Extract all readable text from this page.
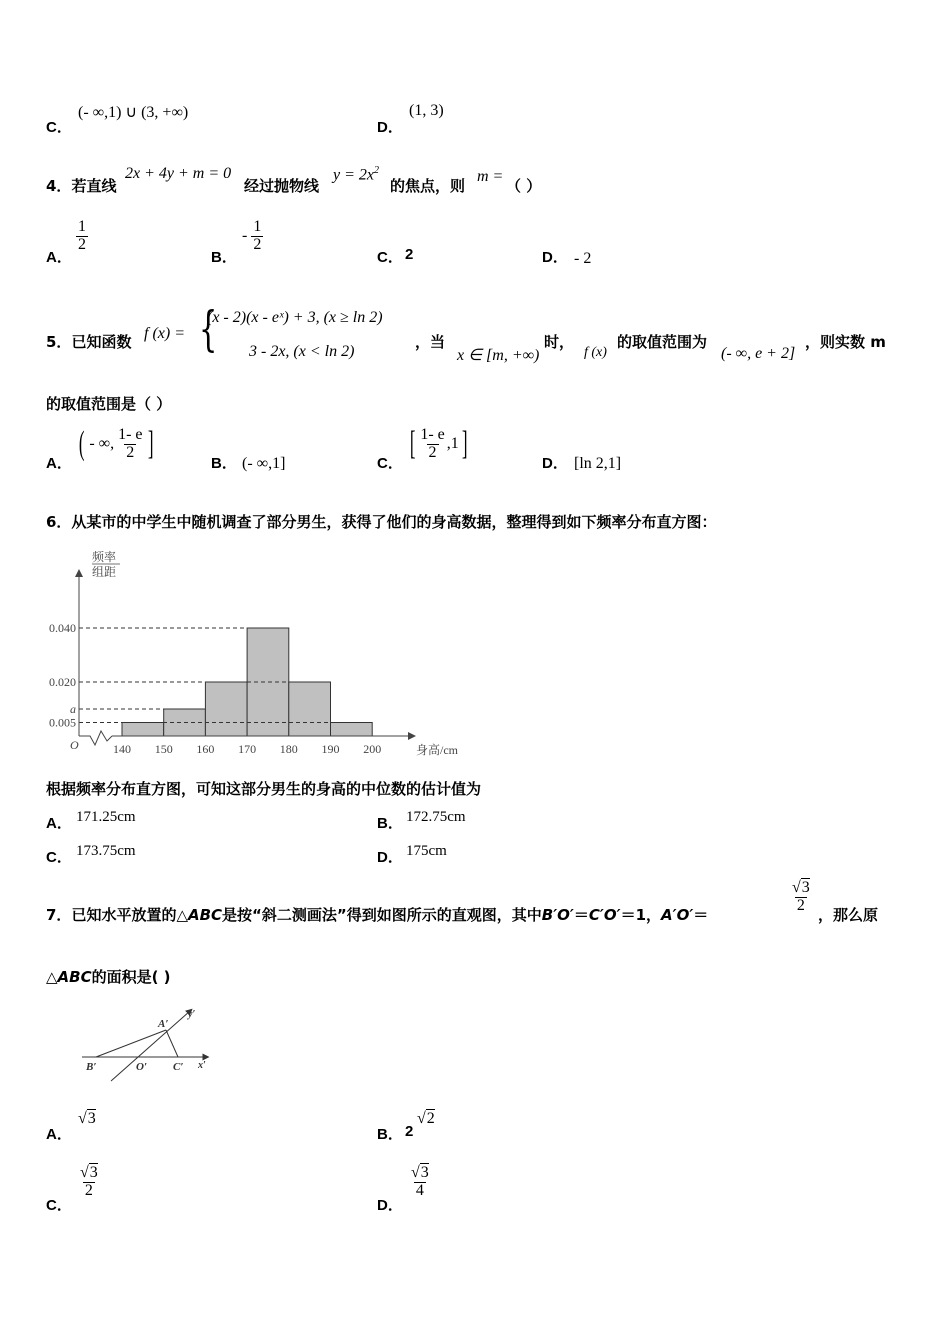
C．
(- ∞,1) ∪ (3, +∞)
D．
(1, 3)
4．若直线
2x + 4y + m = 0
经过抛物线
$y = 2x^2$
的焦点，则
m =
（ ）
A．
$\frac{1}{2}$
B．
- $\frac{1}{2}$
C． 2	D． - 2
5．已知函数 f (x) = {
(x - 2)(x - eˣ) + 3, (x ≥ ln 2)
3 - 2x, (x < ln 2)
，当
x ∈ [m, +∞)
时，
f (x)
的取值范围为
(- ∞, e + 2]
，则实数 m
的取值范围是（ ）
A．
( - ∞, $\frac{1- e}{2}$ ]
B． (- ∞,1]	C．
[ $\frac{1- e}{2} ,1$ ]
D． [ln 2,1]
6．从某市的中学生中随机调查了部分男生，获得了他们的身高数据，整理得到如下频率分布直方图：
频率
组距
O
0.040
0.020
a
0.005
140 150 160 170 180 190 200	身高/cm
根据频率分布直方图，可知这部分男生的身高的中位数的估计值为
A． 171.25cm	B． 172.75cm
C． 173.75cm	D． 175cm
7．已知水平放置的△ABC是按“斜二测画法”得到如图所示的直观图，其中B′O′＝C′O′＝1，A′O′＝
$\frac{√3}{2}$
，那么原
△ABC的面积是( )
A′
B′	O′ C′ x′
y′
A．
√3
B． 2
√2
C．
$\frac{√3}{2}$
D．
$\frac{√3}{4}$
